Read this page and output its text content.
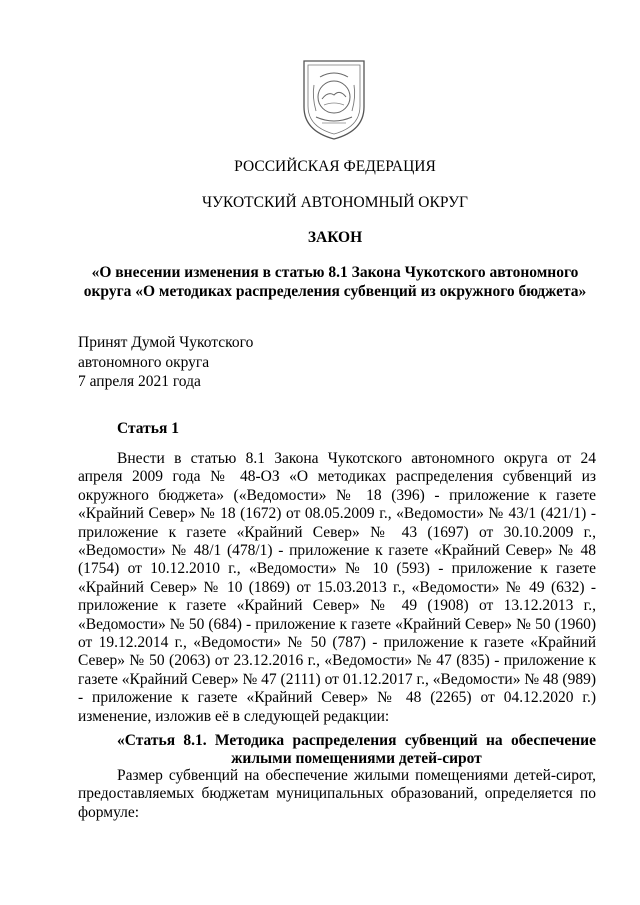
РОССИЙСКАЯ ФЕДЕРАЦИЯ
ЧУКОТСКИЙ АВТОНОМНЫЙ ОКРУГ
ЗАКОН
«О внесении изменения в статью 8.1 Закона Чукотского автономного
округа «О методиках распределения субвенций из окружного бюджета»
Принят Думой Чукотского
автономного округа
7 апреля 2021 года
Статья 1
Внести в статью 8.1 Закона Чукотского автономного округа от 24 апреля 2009 года № 48-ОЗ «О методиках распределения субвенций из окружного бюджета» («Ведомости» № 18 (396) - приложение к газете «Крайний Север» № 18 (1672) от 08.05.2009 г., «Ведомости» № 43/1 (421/1) - приложение к газете «Крайний Север» № 43 (1697) от 30.10.2009 г., «Ведомости» № 48/1 (478/1) - приложение к газете «Крайний Север» № 48 (1754) от 10.12.2010 г., «Ведомости» № 10 (593) - приложение к газете «Крайний Север» № 10 (1869) от 15.03.2013 г., «Ведомости» № 49 (632) - приложение к газете «Крайний Север» № 49 (1908) от 13.12.2013 г., «Ведомости» № 50 (684) - приложение к газете «Крайний Север» № 50 (1960) от 19.12.2014 г., «Ведомости» № 50 (787) - приложение к газете «Крайний Север» № 50 (2063) от 23.12.2016 г., «Ведомости» № 47 (835) - приложение к газете «Крайний Север» № 47 (2111) от 01.12.2017 г., «Ведомости» № 48 (989) - приложение к газете «Крайний Север» № 48 (2265) от 04.12.2020 г.) изменение, изложив её в следующей редакции:
«Статья 8.1. Методика распределения субвенций на обеспечение жилыми помещениями детей-сирот
Размер субвенций на обеспечение жилыми помещениями детей-сирот, предоставляемых бюджетам муниципальных образований, определяется по формуле:
